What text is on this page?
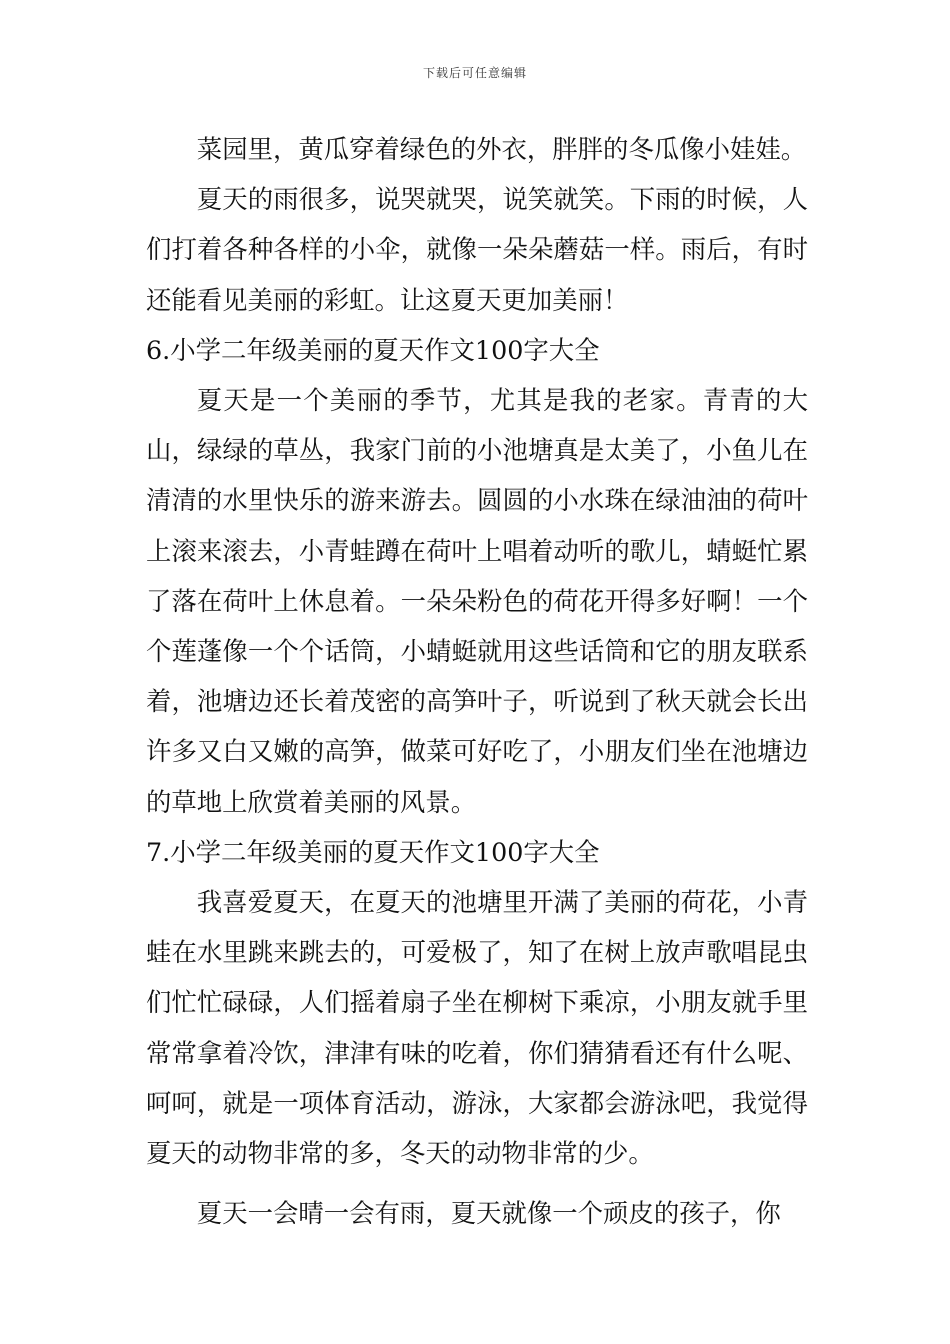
下载后可任意编辑

菜园里，黄瓜穿着绿色的外衣，胖胖的冬瓜像小娃娃。

夏天的雨很多，说哭就哭，说笑就笑。下雨的时候，人们打着各种各样的小伞，就像一朵朵蘑菇一样。雨后，有时还能看见美丽的彩虹。让这夏天更加美丽！

6.小学二年级美丽的夏天作文100字大全

夏天是一个美丽的季节，尤其是我的老家。青青的大山，绿绿的草丛，我家门前的小池塘真是太美了，小鱼儿在清清的水里快乐的游来游去。圆圆的小水珠在绿油油的荷叶上滚来滚去，小青蛙蹲在荷叶上唱着动听的歌儿，蜻蜓忙累了落在荷叶上休息着。一朵朵粉色的荷花开得多好啊！一个个莲蓬像一个个话筒，小蜻蜓就用这些话筒和它的朋友联系着，池塘边还长着茂密的高笋叶子，听说到了秋天就会长出许多又白又嫩的高笋，做菜可好吃了，小朋友们坐在池塘边的草地上欣赏着美丽的风景。

7.小学二年级美丽的夏天作文100字大全

我喜爱夏天，在夏天的池塘里开满了美丽的荷花，小青蛙在水里跳来跳去的，可爱极了，知了在树上放声歌唱昆虫们忙忙碌碌，人们摇着扇子坐在柳树下乘凉，小朋友就手里常常拿着冷饮，津津有味的吃着，你们猜猜看还有什么呢、呵呵，就是一项体育活动，游泳，大家都会游泳吧，我觉得夏天的动物非常的多，冬天的动物非常的少。

夏天一会晴一会有雨，夏天就像一个顽皮的孩子，你
